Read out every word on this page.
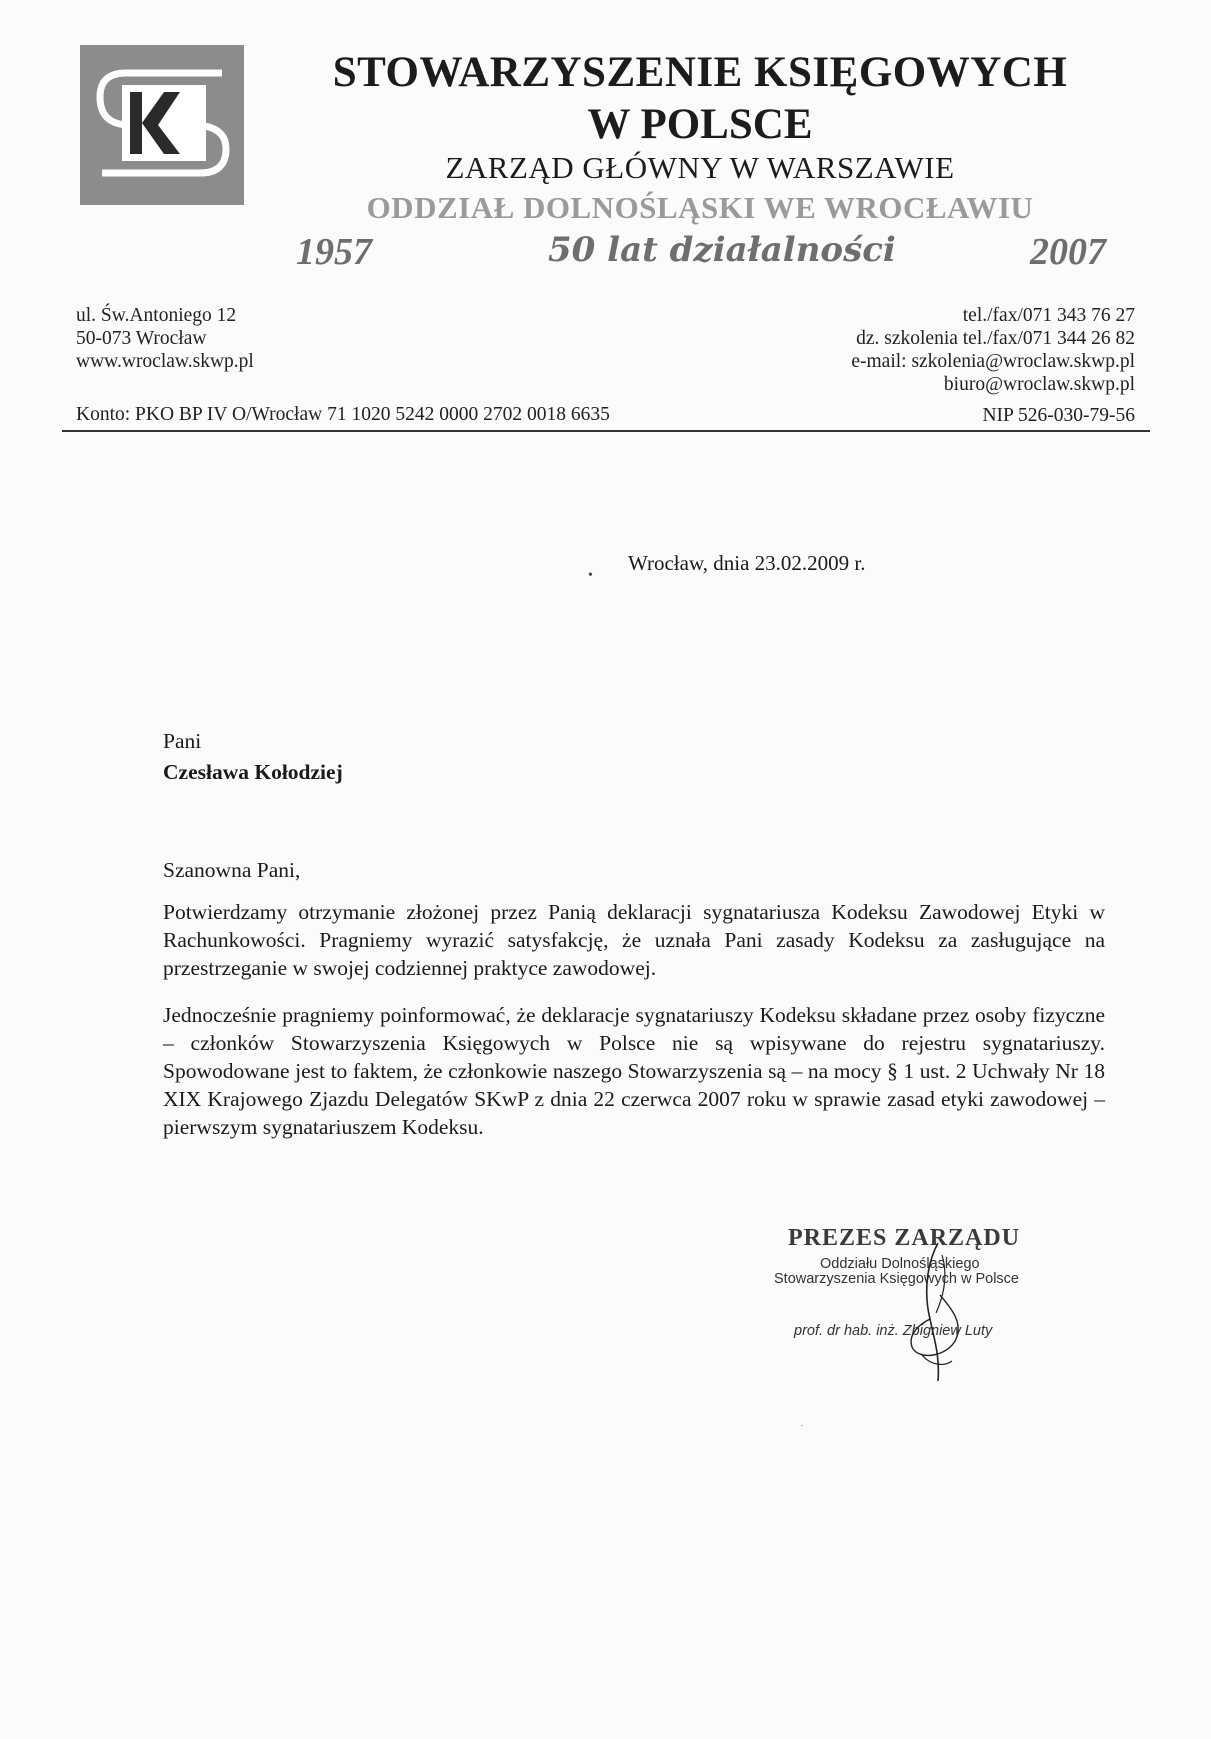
STOWARZYSZENIE KSIĘGOWYCH
W POLSCE
ZARZĄD GŁÓWNY W WARSZAWIE
ODDZIAŁ DOLNOŚLĄSKI WE WROCŁAWIU
1957	50 lat działalności	2007
ul. Św.Antoniego 12
50-073 Wrocław
www.wroclaw.skwp.pl
tel./fax/071 343 76 27
dz. szkolenia tel./fax/071 344 26 82
e-mail: szkolenia@wroclaw.skwp.pl
biuro@wroclaw.skwp.pl
Konto: PKO BP IV O/Wrocław 71 1020 5242 0000 2702 0018 6635	NIP 526-030-79-56
•
Wrocław, dnia 23.02.2009 r.
Pani
Czesława Kołodziej
Szanowna Pani,
Potwierdzamy otrzymanie złożonej przez Panią deklaracji sygnatariusza Kodeksu Zawodowej Etyki w Rachunkowości. Pragniemy wyrazić satysfakcję, że uznała Pani zasady Kodeksu za zasługujące na przestrzeganie w swojej codziennej praktyce zawodowej.
Jednocześnie pragniemy poinformować, że deklaracje sygnatariuszy Kodeksu składane przez osoby fizyczne – członków Stowarzyszenia Księgowych w Polsce nie są wpisywane do rejestru sygnatariuszy. Spowodowane jest to faktem, że członkowie naszego Stowarzyszenia są – na mocy § 1 ust. 2 Uchwały Nr 18 XIX Krajowego Zjazdu Delegatów SKwP z dnia 22 czerwca 2007 roku w sprawie zasad etyki zawodowej – pierwszym sygnatariuszem Kodeksu.
PREZES ZARZĄDU
Oddziału Dolnośląskiego
Stowarzyszenia Księgowych w Polsce
prof. dr hab. inż. Zbigniew Luty
·
